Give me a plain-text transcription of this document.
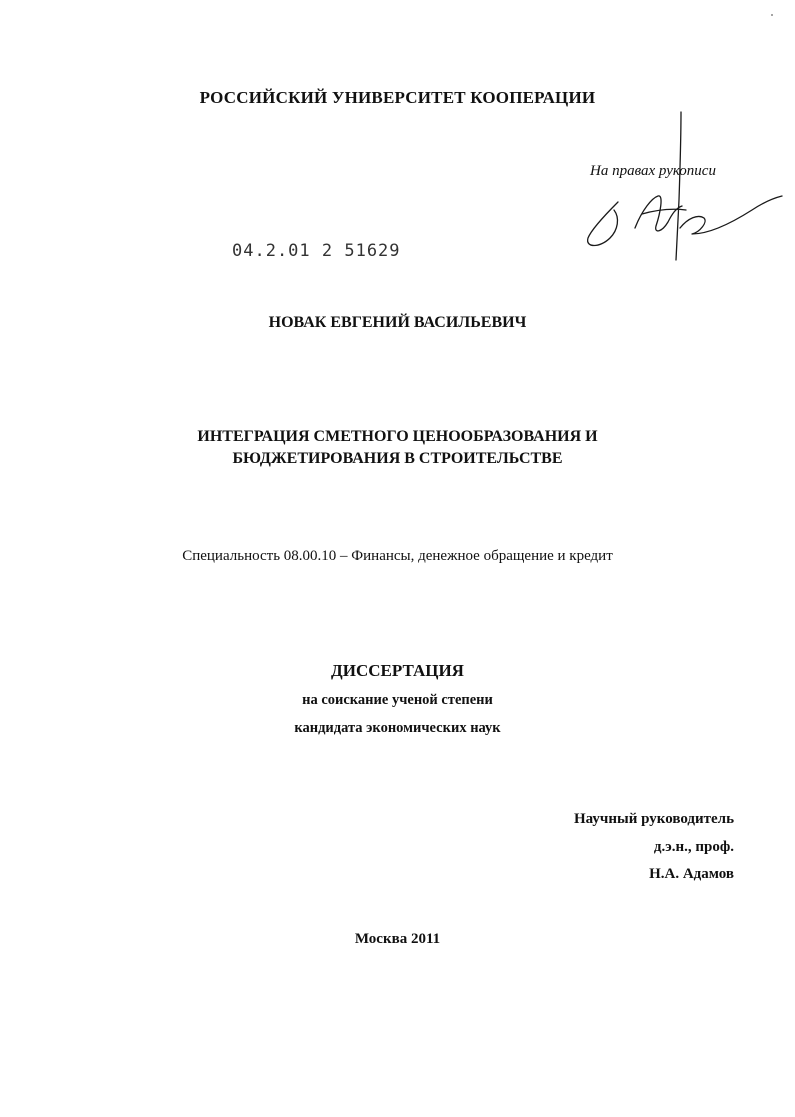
РОССИЙСКИЙ УНИВЕРСИТЕТ КООПЕРАЦИИ
На правах рукописи
04.2.01 2 51629
НОВАК ЕВГЕНИЙ ВАСИЛЬЕВИЧ
ИНТЕГРАЦИЯ СМЕТНОГО ЦЕНООБРАЗОВАНИЯ И
БЮДЖЕТИРОВАНИЯ В СТРОИТЕЛЬСТВЕ
Специальность 08.00.10 – Финансы, денежное обращение и кредит
ДИССЕРТАЦИЯ
на соискание ученой степени
кандидата экономических наук
Научный руководитель
д.э.н., проф.
Н.А. Адамов
Москва 2011
